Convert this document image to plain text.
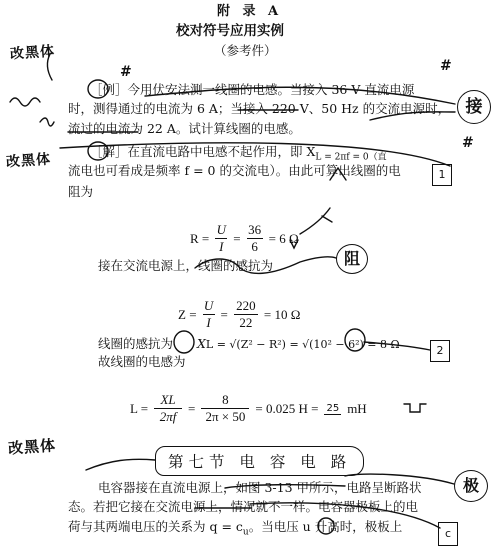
附 录 A
校对符号应用实例
（参考件）
［例］今用伏安法测一线圈的电感。当接入 36 V 直流电源
时，测得通过的电流为 6 A；当接入 220 V、50 Hz 的交流电源时，
流过的电流为 22 A。试计算线圈的电感。
［解］在直流电路中电感不起作用，即 $X_{L = 2\pi f = 0(直}$
流电也可看成是频率 f = 0 的交流电）。由此可算出线圈的电
阻为
R =
U
I
=
36
6
= 6 Ω
接在交流电源上，线圈的感抗为
Z =
U
I
=
220
22
= 10 Ω
线圈的感抗为 XL = √(Z² − R²) = √(10² − 6²) = 8 Ω
故线圈的电感为
L =
XL
2πf
=
8
2π × 50
= 0.025 H = 25 mH
第七节 电 容 电 路
电容器接在直流电源上，如图 3-13 甲所示，电路呈断路状
态。若把它接在交流电源上，情况就不一样。电容器极板上的电
荷与其两端电压的关系为 $q = c_u$。当电压 u 升高时，极板上
改黑体
改黑体
改黑体
接
阻
极
1
2
c
#	#
#
